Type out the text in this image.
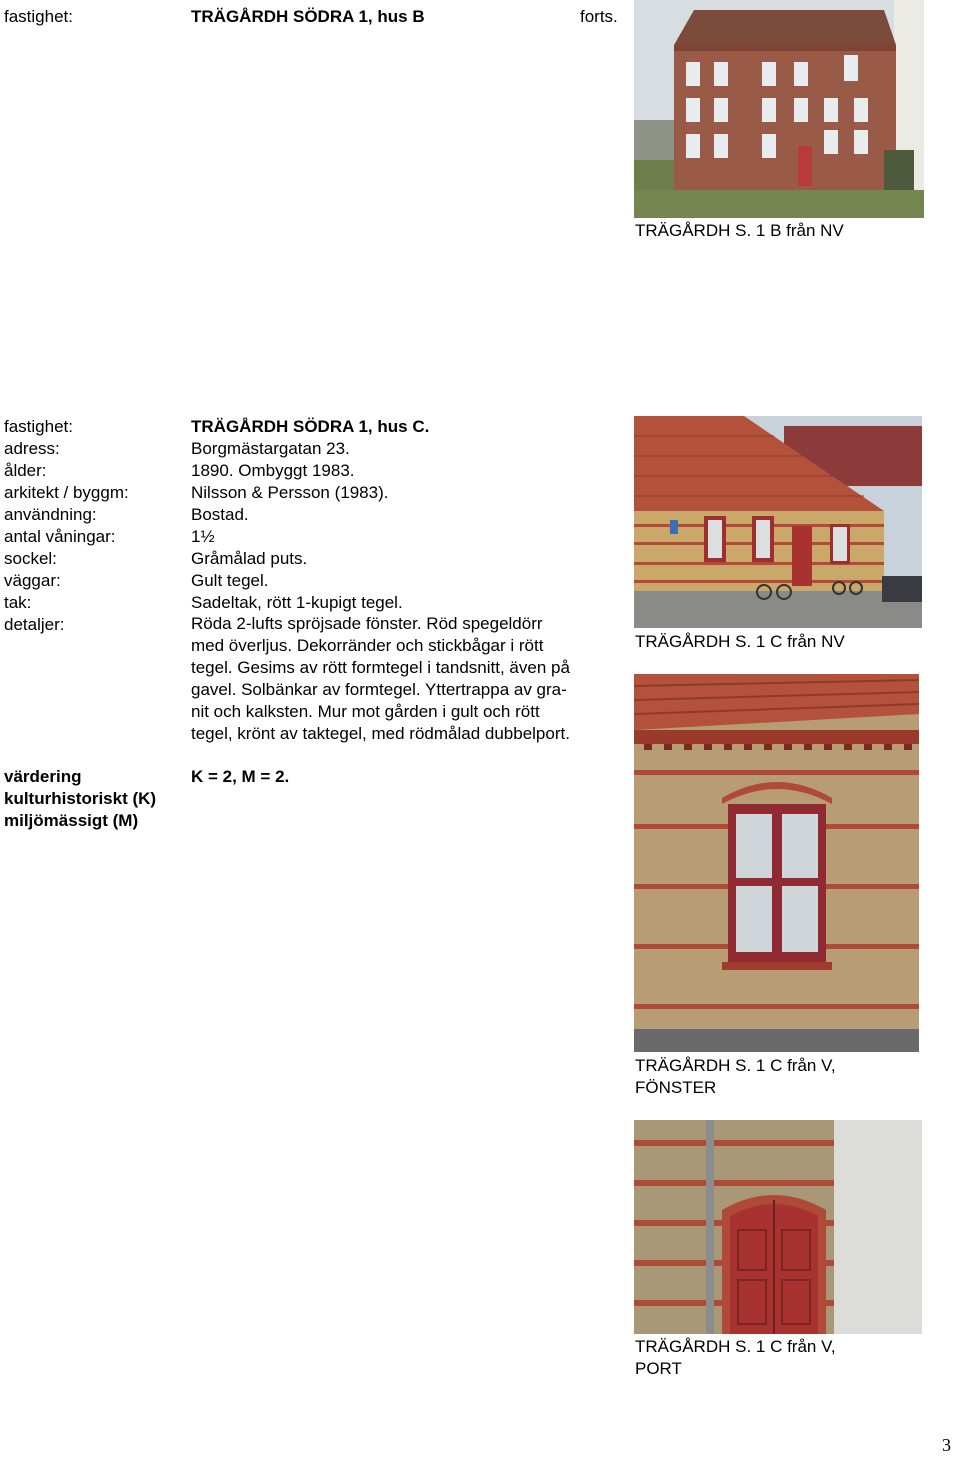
fastighet:	TRÄGÅRDH SÖDRA 1, hus B	forts.
TRÄGÅRDH S. 1 B från NV
fastighet:	TRÄGÅRDH SÖDRA 1, hus C.
adress:	Borgmästargatan 23.
ålder:	1890. Ombyggt 1983.
arkitekt / byggm:	Nilsson & Persson (1983).
användning:	Bostad.
antal våningar:	1½
sockel:	Gråmålad puts.
väggar:	Gult tegel.
tak:	Sadeltak, rött 1-kupigt tegel.
detaljer:	Röda 2-lufts spröjsade fönster. Röd spegeldörr
med överljus. Dekorränder och stickbågar i rött
tegel. Gesims av rött formtegel i tandsnitt, även på
gavel. Solbänkar av formtegel. Yttertrappa av gra-
nit och kalksten. Mur mot gården i gult och rött
tegel, krönt av taktegel, med rödmålad dubbelport.
värdering
kulturhistoriskt (K)
miljömässigt (M)
K = 2, M = 2.
TRÄGÅRDH S. 1 C från NV
TRÄGÅRDH S. 1 C från V,
FÖNSTER
TRÄGÅRDH S. 1 C från V,
PORT
3
